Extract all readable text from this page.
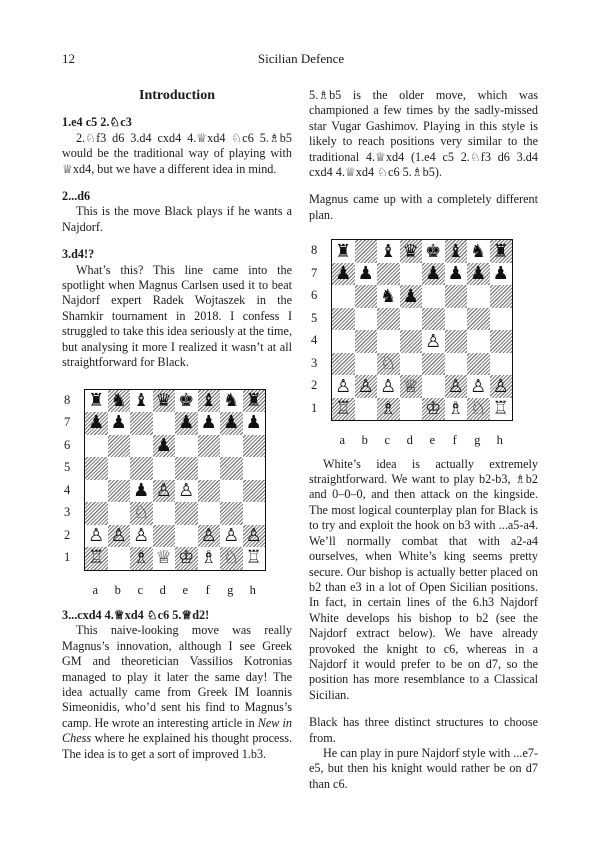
12	Sicilian Defence
Introduction

1.e4 c5 2.♘c3

2.♘f3 d6 3.d4 cxd4 4.♕xd4 ♘c6 5.♗b5 would be the traditional way of playing with ♕xd4, but we have a different idea in mind.

2...d6

This is the move Black plays if he wants a Najdorf.

3.d4!?

What’s this? This line came into the spotlight when Magnus Carlsen used it to beat Najdorf expert Radek Wojtaszek in the Shamkir tournament in 2018. I confess I struggled to take this idea seriously at the time, but analysing it more I realized it wasn’t at all straightforward for Black.

8
7
6
5
4
3
2
1
♜ ♞ ♝ ♛ ♚ ♝ ♞ ♜
♟ ♟	♟ ♟ ♟ ♟
♟
♟ ♙ ♙
♘
♙ ♙ ♙	♙ ♙ ♙
♖ ♗ ♕ ♔ ♗ ♘ ♖
a	b	c	d	e	f	g	h

3...cxd4 4.♕xd4 ♘c6 5.♕d2!

This naive-looking move was really Magnus’s innovation, although I see Greek GM and theoretician Vassilios Kotronias managed to play it later the same day! The idea actually came from Greek IM Ioannis Simeonidis, who’d sent his find to Magnus’s camp. He wrote an interesting article in New in Chess where he explained his thought process. The idea is to get a sort of improved 1.b3.

5.♗b5 is the older move, which was championed a few times by the sadly-missed star Vugar Gashimov. Playing in this style is likely to reach positions very similar to the traditional 4.♕xd4 (1.e4 c5 2.♘f3 d6 3.d4 cxd4 4.♕xd4 ♘c6 5.♗b5).

Magnus came up with a completely different plan.

8
7
6
5
4
3
2
1
♜ ♝ ♛ ♚ ♝ ♞ ♜
♟ ♟	♟ ♟ ♟ ♟
♞ ♟
♙
♘
♙ ♙ ♙ ♕ ♙ ♙ ♙
♖ ♗ ♔ ♗ ♘ ♖
a	b	c	d	e	f	g	h

White’s idea is actually extremely straightforward. We want to play b2-b3, ♗b2 and 0–0–0, and then attack on the kingside. The most logical counterplay plan for Black is to try and exploit the hook on b3 with ...a5-a4. We’ll normally combat that with a2-a4 ourselves, when White’s king seems pretty secure. Our bishop is actually better placed on b2 than e3 in a lot of Open Sicilian positions. In fact, in certain lines of the 6.h3 Najdorf White develops his bishop to b2 (see the Najdorf extract below). We have already provoked the knight to c6, whereas in a Najdorf it would prefer to be on d7, so the position has more resemblance to a Classical Sicilian.

Black has three distinct structures to choose from.

He can play in pure Najdorf style with ...e7-e5, but then his knight would rather be on d7 than c6.
